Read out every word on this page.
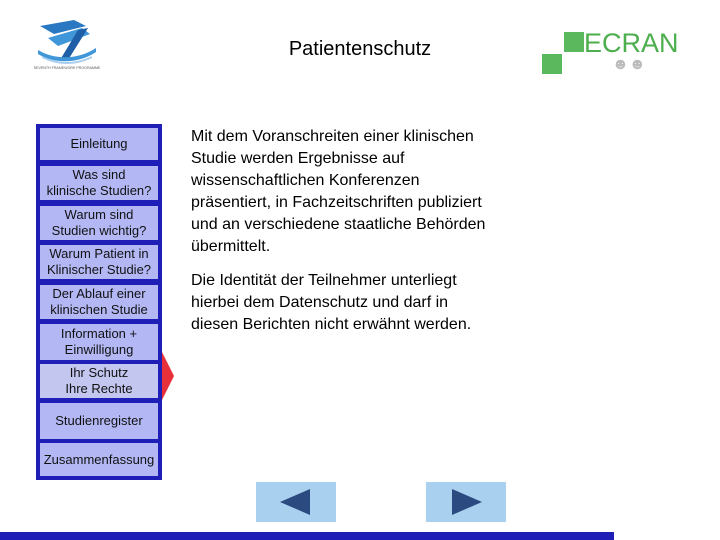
SEVENTH FRAMEWORK PROGRAMME
Patientenschutz	ECRAN
☻☻
Einleitung
Was sind
klinische Studien?
Warum sind
Studien wichtig?
Warum Patient in
Klinischer Studie?
Der Ablauf einer
klinischen Studie
Information +
Einwilligung
Ihr Schutz
Ihre Rechte
Studienregister
Zusammenfassung

Mit dem Voranschreiten einer klinischen Studie werden Ergebnisse auf wissenschaftlichen Konferenzen präsentiert, in Fachzeitschriften publiziert und an verschiedene staatliche Behörden übermittelt.

Die Identität der Teilnehmer unterliegt hierbei dem Datenschutz und darf in diesen Berichten nicht erwähnt werden.
